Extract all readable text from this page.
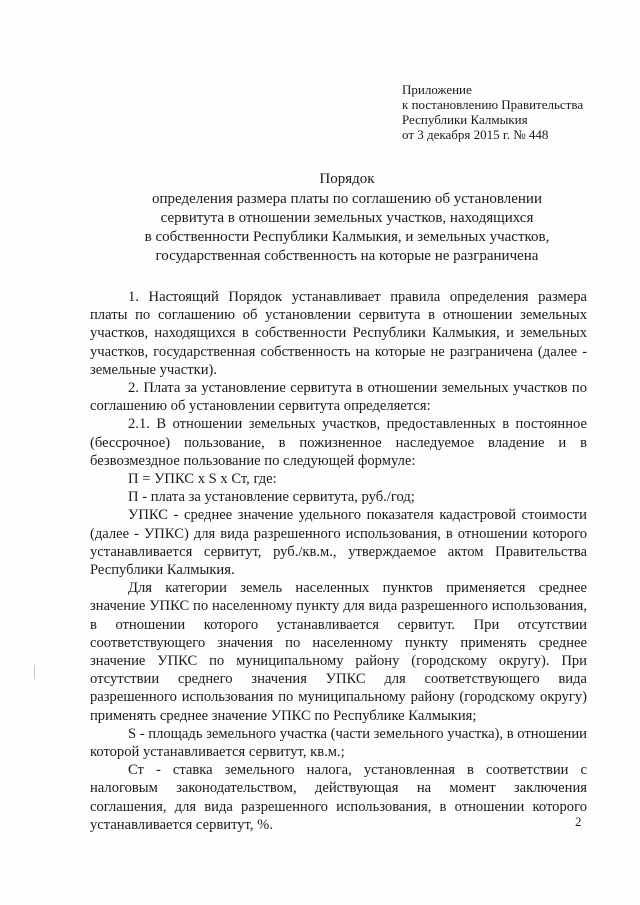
Приложение
к постановлению Правительства
Республики Калмыкия
от 3 декабря 2015 г. № 448
Порядок
определения размера платы по соглашению об установлении
сервитута в отношении земельных участков, находящихся
в собственности Республики Калмыкия, и земельных участков,
государственная собственность на которые не разграничена

1. Настоящий Порядок устанавливает правила определения размера платы по соглашению об установлении сервитута в отношении земельных участков, находящихся в собственности Республики Калмыкия, и земельных участков, государственная собственность на которые не разграничена (далее - земельные участки).

2. Плата за установление сервитута в отношении земельных участков по соглашению об установлении сервитута определяется:

2.1. В отношении земельных участков, предоставленных в постоянное (бессрочное) пользование, в пожизненное наследуемое владение и в безвозмездное пользование по следующей формуле:

П = УПКС х S х Ст, где:

П - плата за установление сервитута, руб./год;

УПКС - среднее значение удельного показателя кадастровой стоимости (далее - УПКС) для вида разрешенного использования, в отношении которого устанавливается сервитут, руб./кв.м., утверждаемое актом Правительства Республики Калмыкия.

Для категории земель населенных пунктов применяется среднее значение УПКС по населенному пункту для вида разрешенного использования, в отношении которого устанавливается сервитут. При отсутствии соответствующего значения по населенному пункту применять среднее значение УПКС по муниципальному району (городскому округу). При отсутствии среднего значения УПКС для соответствующего вида разрешенного использования по муниципальному району (городскому округу) применять среднее значение УПКС по Республике Калмыкия;

S - площадь земельного участка (части земельного участка), в отношении которой устанавливается сервитут, кв.м.;

Ст - ставка земельного налога, установленная в соответствии с налоговым законодательством, действующая на момент заключения соглашения, для вида разрешенного использования, в отношении которого устанавливается сервитут, %.	2
